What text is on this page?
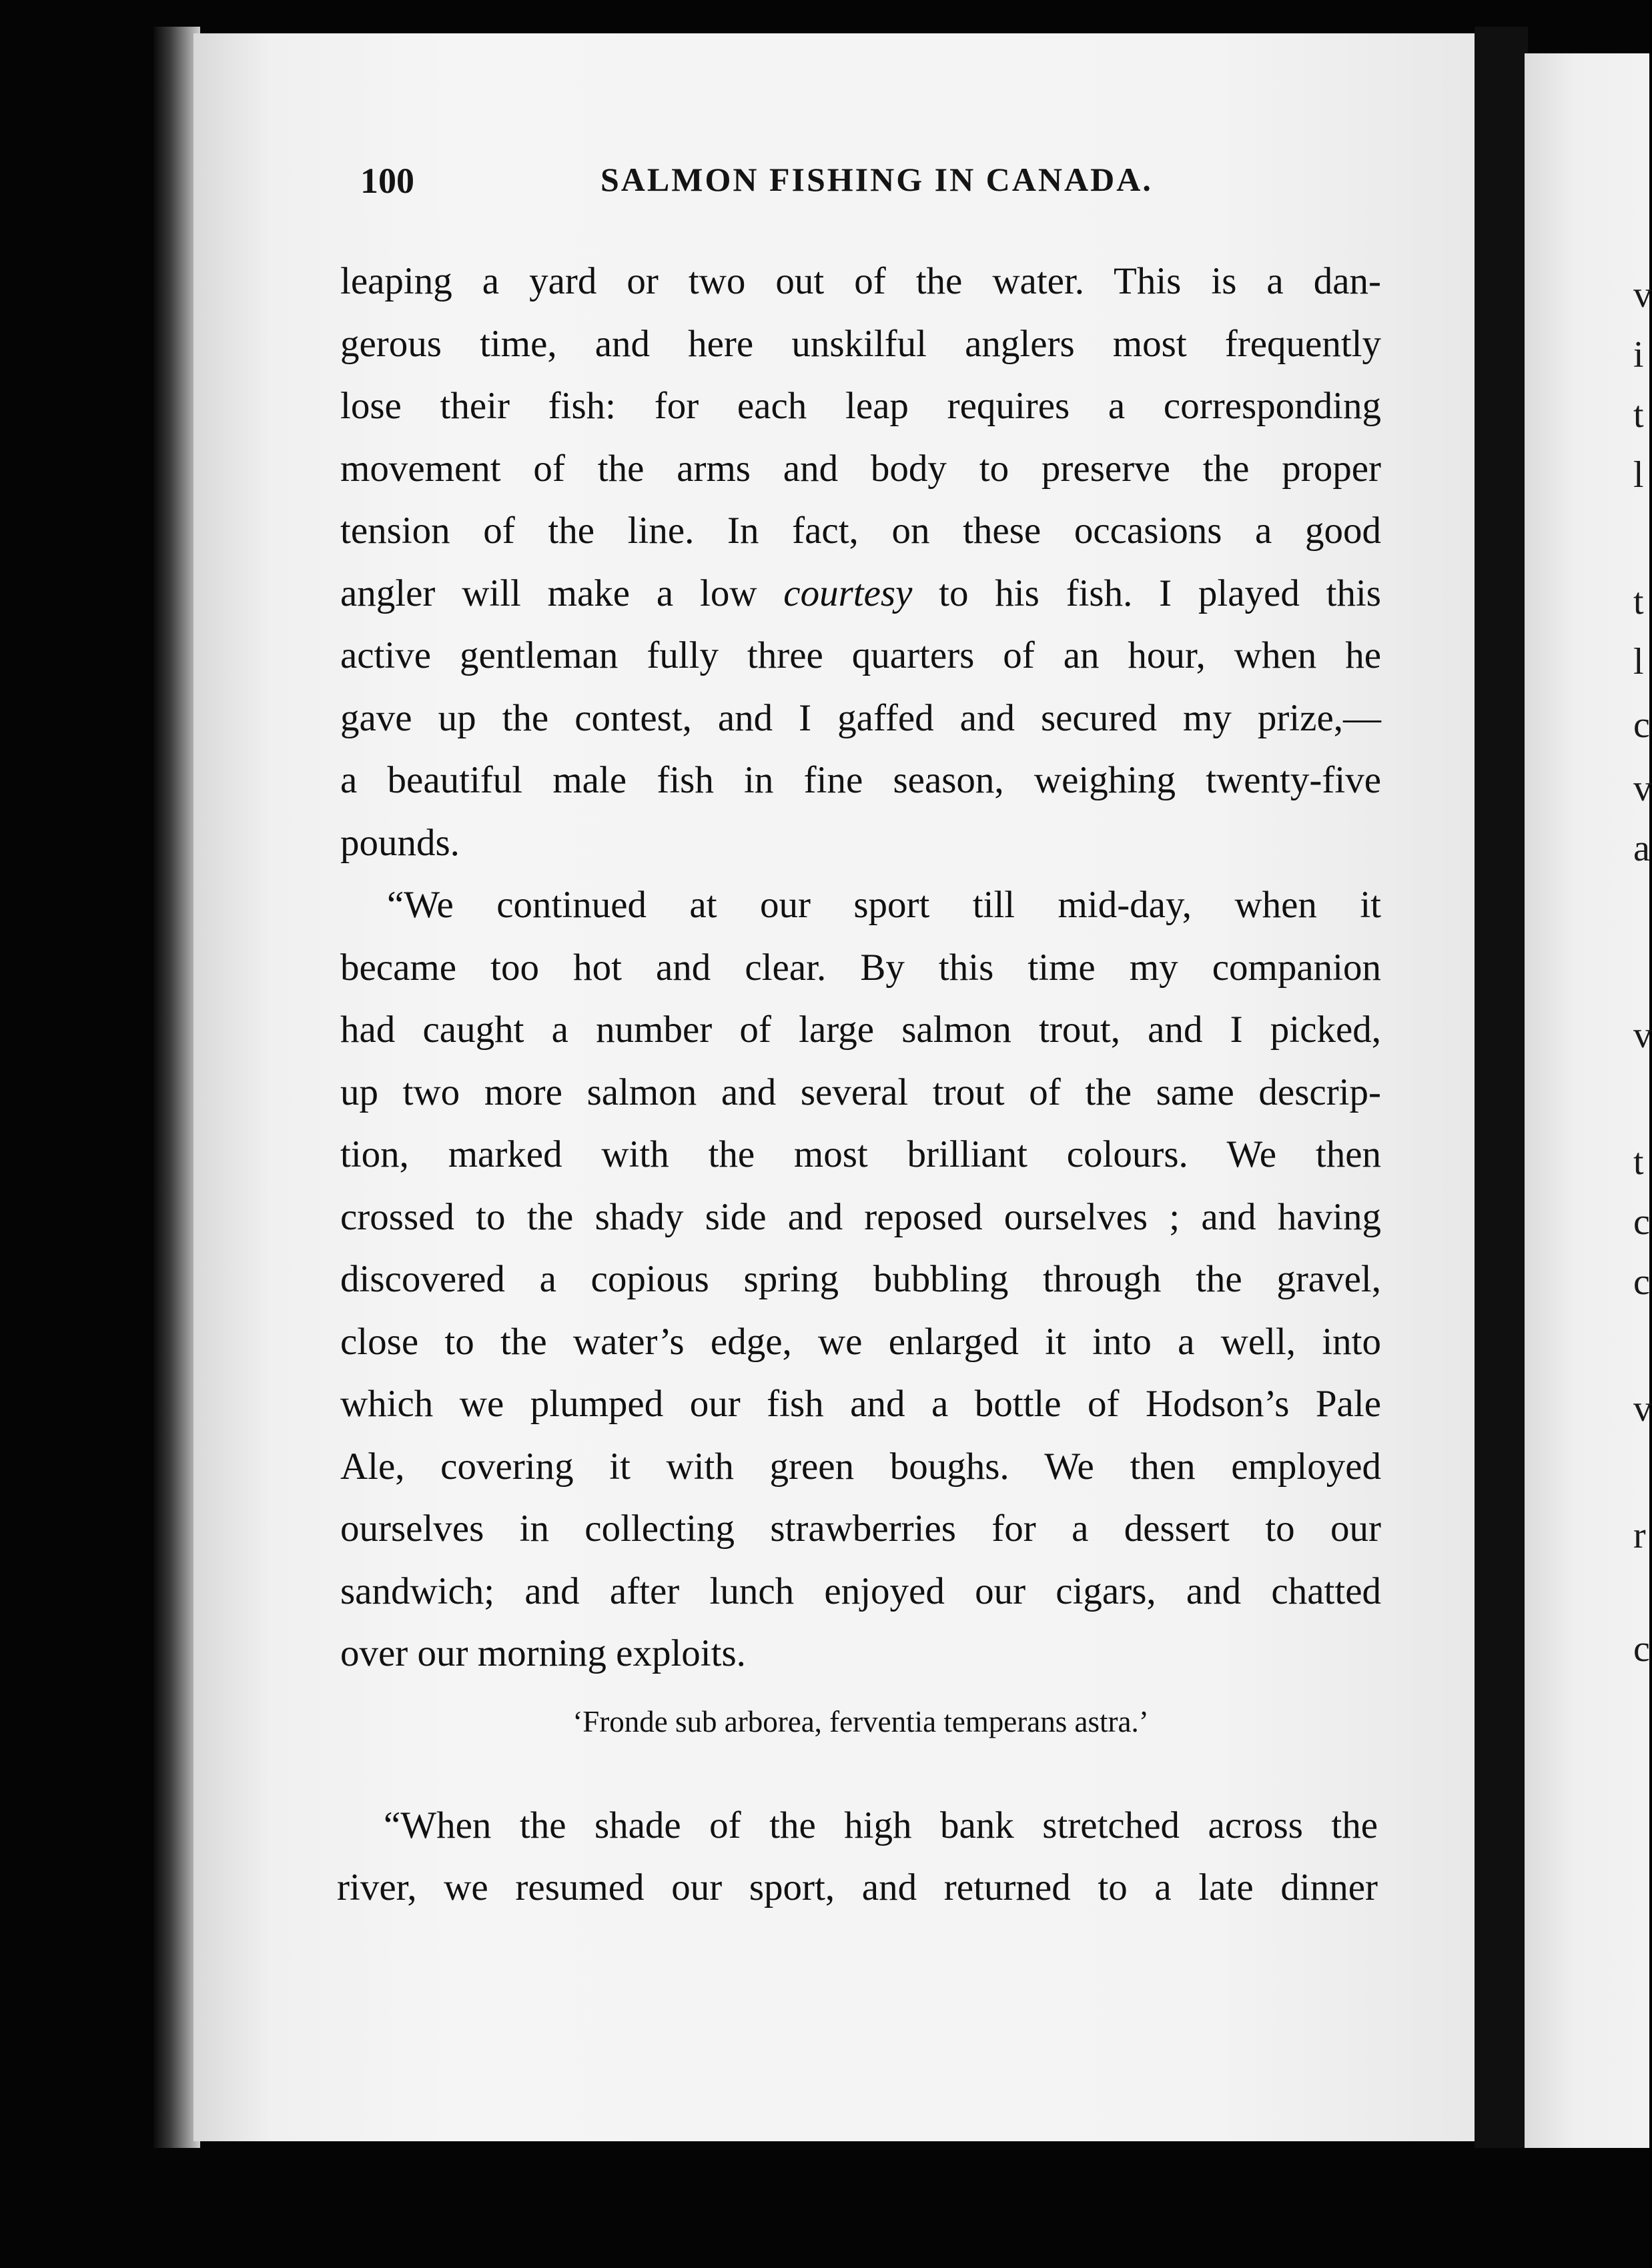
v
i
t
l
t
l
c
v
a
v
t
c
c
v
r
c
100	SALMON FISHING IN CANADA.
leaping a yard or two out of the water. This is a dan-
gerous time, and here unskilful anglers most frequently
lose their fish: for each leap requires a corresponding
movement of the arms and body to preserve the proper
tension of the line. In fact, on these occasions a good
angler will make a low courtesy to his fish. I played this
active gentleman fully three quarters of an hour, when he
gave up the contest, and I gaffed and secured my prize,—
a beautiful male fish in fine season, weighing twenty-five
pounds.
“We continued at our sport till mid-day, when it
became too hot and clear. By this time my companion
had caught a number of large salmon trout, and I picked,
up two more salmon and several trout of the same descrip-
tion, marked with the most brilliant colours. We then
crossed to the shady side and reposed ourselves ; and having
discovered a copious spring bubbling through the gravel,
close to the water’s edge, we enlarged it into a well, into
which we plumped our fish and a bottle of Hodson’s Pale
Ale, covering it with green boughs. We then employed
ourselves in collecting strawberries for a dessert to our
sandwich; and after lunch enjoyed our cigars, and chatted
over our morning exploits.
‘Fronde sub arborea, ferventia temperans astra.’
“When the shade of the high bank stretched across the
river, we resumed our sport, and returned to a late dinner
